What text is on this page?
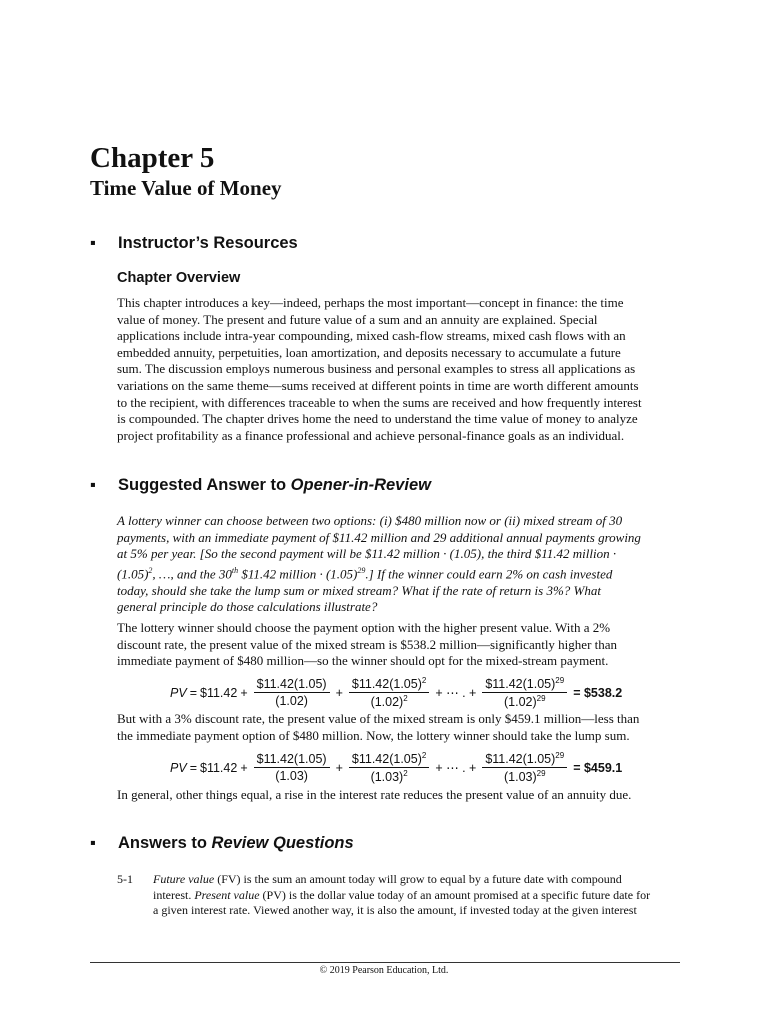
Chapter 5
Time Value of Money
▪ Instructor’s Resources
Chapter Overview
This chapter introduces a key—indeed, perhaps the most important—concept in finance: the time
value of money. The present and future value of a sum and an annuity are explained. Special
applications include intra-year compounding, mixed cash-flow streams, mixed cash flows with an
embedded annuity, perpetuities, loan amortization, and deposits necessary to accumulate a future
sum. The discussion employs numerous business and personal examples to stress all applications as
variations on the same theme—sums received at different points in time are worth different amounts
to the recipient, with differences traceable to when the sums are received and how frequently interest
is compounded. The chapter drives home the need to understand the time value of money to analyze
project profitability as a finance professional and achieve personal-finance goals as an individual.
▪ Suggested Answer to Opener-in-Review
A lottery winner can choose between two options: (i) $480 million now or (ii) mixed stream of 30
payments, with an immediate payment of $11.42 million and 29 additional annual payments growing
at 5% per year. [So the second payment will be $11.42 million ∙ (1.05), the third $11.42 million ∙
$(1.05)^2$, …, and the 30th $11.42 million ∙ $(1.05)^{29}$.] If the winner could earn 2% on cash invested
today, should she take the lump sum or mixed stream? What if the rate of return is 3%? What
general principle do those calculations illustrate?
The lottery winner should choose the payment option with the higher present value. With a 2%
discount rate, the present value of the mixed stream is $538.2 million—significantly higher than
immediate payment of $480 million—so the winner should opt for the mixed-stream payment.
PV = $11.42 + $\frac{\$11.42(1.05)}{(1.02)} + \frac{\$11.42(1.05)^2}{(1.02)^2}$ + ⋯ . + $\frac{\$11.42(1.05)^{29}}{(1.02)^{29}}$ = $538.2
But with a 3% discount rate, the present value of the mixed stream is only $459.1 million—less than
the immediate payment option of $480 million. Now, the lottery winner should take the lump sum.
PV = $11.42 + $\frac{\$11.42(1.05)}{(1.03)} + \frac{\$11.42(1.05)^2}{(1.03)^2}$ + ⋯ . + $\frac{\$11.42(1.05)^{29}}{(1.03)^{29}}$ = $459.1
In general, other things equal, a rise in the interest rate reduces the present value of an annuity due.
▪ Answers to Review Questions
5-1 Future value (FV) is the sum an amount today will grow to equal by a future date with compound
interest. Present value (PV) is the dollar value today of an amount promised at a specific future date for
a given interest rate. Viewed another way, it is also the amount, if invested today at the given interest
© 2019 Pearson Education, Ltd.
